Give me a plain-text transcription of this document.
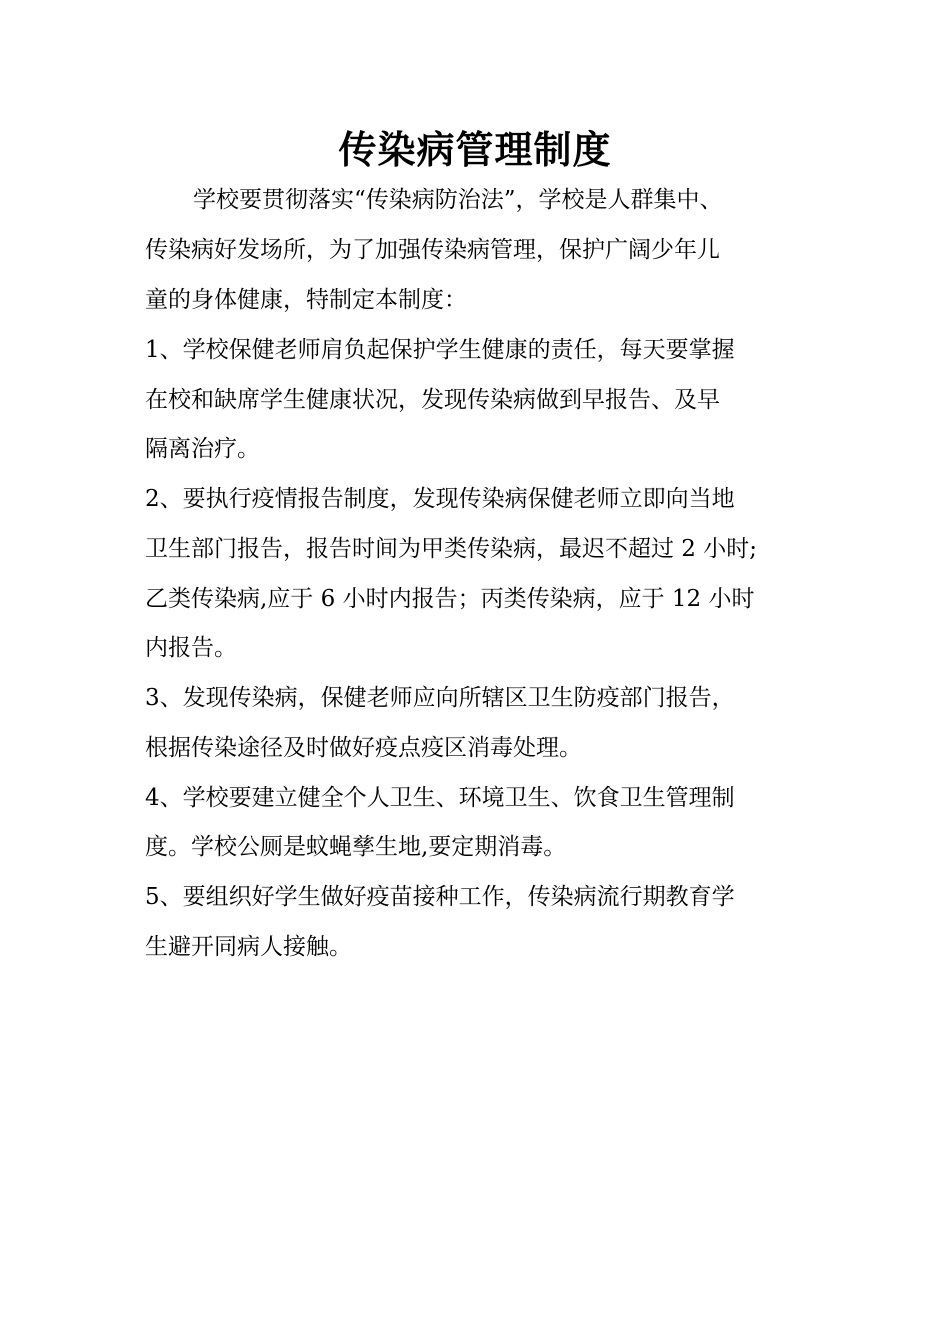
传染病管理制度

学校要贯彻落实“传染病防治法”，学校是人群集中、

传染病好发场所，为了加强传染病管理，保护广阔少年儿

童的身体健康，特制定本制度：

1、学校保健老师肩负起保护学生健康的责任，每天要掌握

在校和缺席学生健康状况，发现传染病做到早报告、及早

隔离治疗。

2、要执行疫情报告制度，发现传染病保健老师立即向当地

卫生部门报告，报告时间为甲类传染病，最迟不超过 2 小时;

乙类传染病,应于 6 小时内报告；丙类传染病，应于 12 小时

内报告。

3、发现传染病，保健老师应向所辖区卫生防疫部门报告，

根据传染途径及时做好疫点疫区消毒处理。

4、学校要建立健全个人卫生、环境卫生、饮食卫生管理制

度。学校公厕是蚊蝇孳生地,要定期消毒。

5、要组织好学生做好疫苗接种工作，传染病流行期教育学

生避开同病人接触。
